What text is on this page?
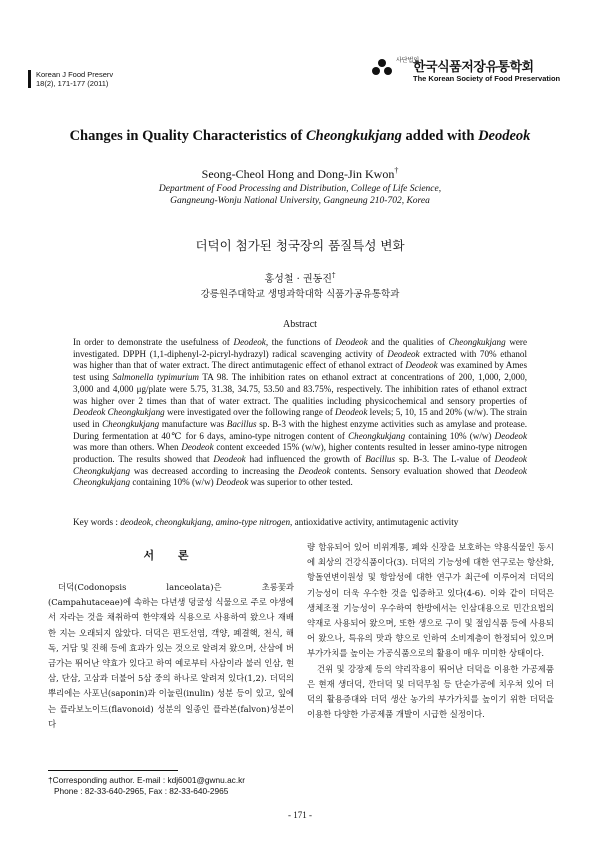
Korean J Food Preserv
18(2), 171-177 (2011)
사단법인
한국식품저장유통학회
The Korean Society of Food Preservation
Changes in Quality Characteristics of Cheongkukjang added with Deodeok
Seong-Cheol Hong and Dong-Jin Kwon†
Department of Food Processing and Distribution, College of Life Science,
Gangneung-Wonju National University, Gangneung 210-702, Korea
더덕이 첨가된 청국장의 품질특성 변화
홍성철 · 권동진†
강릉원주대학교 생명과학대학 식품가공유통학과
Abstract
In order to demonstrate the usefulness of Deodeok, the functions of Deodeok and the qualities of Cheongkukjang were investigated. DPPH (1,1-diphenyl-2-picryl-hydrazyl) radical scavenging activity of Deodeok extracted with 70% ethanol was higher than that of water extract. The direct antimutagenic effect of ethanol extract of Deodeok was examined by Ames test using Salmonella typimurium TA 98. The inhibition rates on ethanol extract at concentrations of 200, 1,000, 2,000, 3,000 and 4,000 μg/plate were 5.75, 31.38, 34.75, 53.50 and 83.75%, respectively. The inhibition rates of ethanol extract was higher over 2 times than that of water extract. The qualities including physicochemical and sensory properties of Deodeok Cheongkukjang were investigated over the following range of Deodeok levels; 5, 10, 15 and 20% (w/w). The strain used in Cheongkukjang manufacture was Bacillus sp. B-3 with the highest enzyme activities such as amylase and protease. During fermentation at 40℃ for 6 days, amino-type nitrogen content of Cheongkukjang containing 10% (w/w) Deodeok was more than others. When Deodeok content exceeded 15% (w/w), higher contents resulted in lesser amino-type nitrogen production. The results showed that Deodeok had influenced the growth of Bacillus sp. B-3. The L-value of Deodeok Cheongkukjang was decreased according to increasing the Deodeok contents. Sensory evaluation showed that Deodeok Cheongkukjang containing 10% (w/w) Deodeok was superior to other tested.
Key words : deodeok, cheongkukjang, amino-type nitrogen, antioxidative activity, antimutagenic activity
서 론

더덕(Codonopsis lanceolata)은 초롱꽃과(Campahutaceae)에 속하는 다년생 덩굴성 식물으로 주로 야생에서 자라는 것을 채취하여 한약재와 식용으로 사용하여 왔으나 재배한 지는 오래되지 않았다. 더덕은 편도선염, 객양, 폐결핵, 천식, 해독, 거담 및 진해 등에 효과가 있는 것으로 알려져 왔으며, 산삼에 버금가는 뛰어난 약효가 있다고 하여 예로부터 사삼이라 불러 인삼, 현삼, 단삼, 고삼과 더불어 5삼 중의 하나로 알려져 있다(1,2). 더덕의 뿌리에는 사포닌(saponin)과 이눌린(inulin) 성분 등이 있고, 잎에는 플라보노이드(flavonoid) 성분의 일종인 플라본(falvon)성분이 다

량 함유되어 있어 비위계통, 폐와 신장을 보호하는 약용식물인 동시에 최상의 건강식품이다(3). 더덕의 기능성에 대한 연구로는 항산화, 항돌연변이원성 및 항암성에 대한 연구가 최근에 이루어져 더덕의 기능성이 더욱 우수한 것을 입증하고 있다(4-6). 이와 같이 더덕은 생체조절 기능성이 우수하여 한방에서는 인삼대용으로 민간요법의 약재로 사용되어 왔으며, 또한 생으로 구이 및 절임식품 등에 사용되어 왔으나, 특유의 맛과 향으로 인하여 소비계층이 한정되어 있으며 부가가치를 높이는 가공식품으로의 활용이 매우 미미한 상태이다.

건위 및 강장제 등의 약리작용이 뛰어난 더덕을 이용한 가공제품은 현재 생더덕, 깐더덕 및 더덕무침 등 단순가공에 치우쳐 있어 더덕의 활용증대와 더덕 생산 농가의 부가가치를 높이기 위한 더덕을 이용한 다양한 가공제품 개발이 시급한 실정이다.

†Corresponding author. E-mail : kdj6001@gwnu.ac.kr
Phone : 82-33-640-2965, Fax : 82-33-640-2965
- 171 -
